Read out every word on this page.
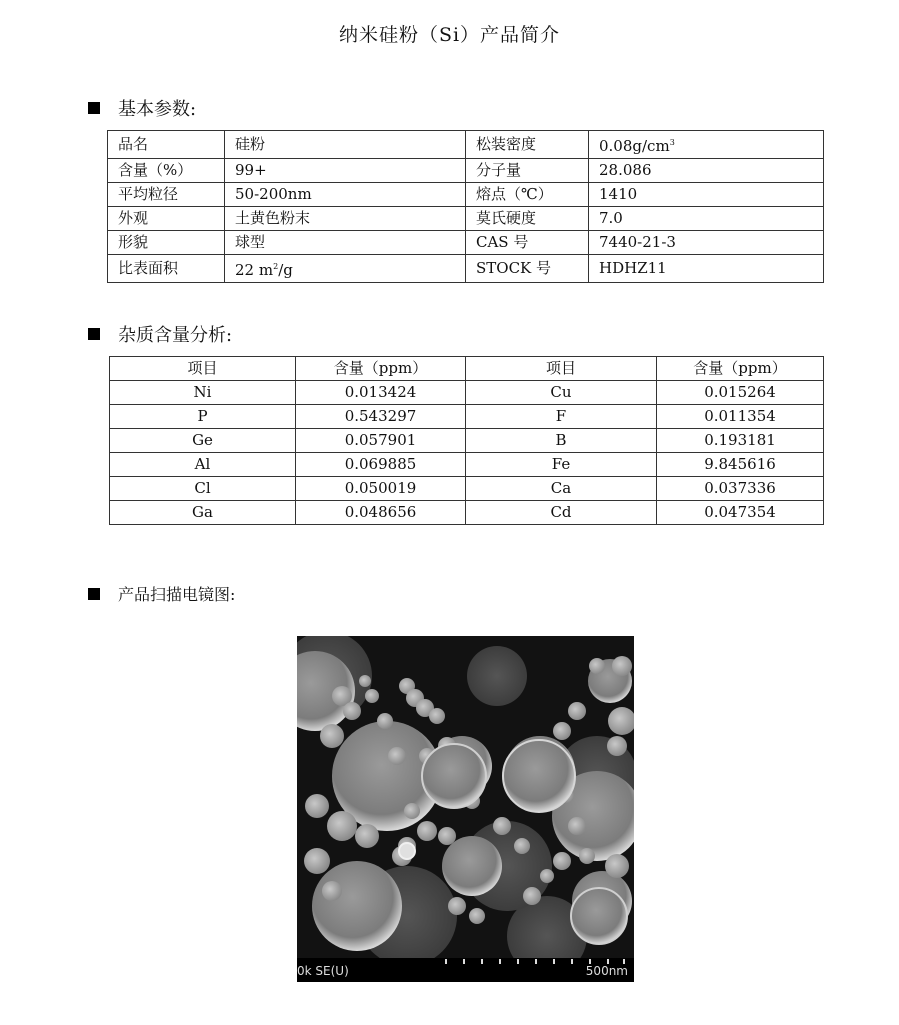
纳米硅粉（Si）产品简介
基本参数:
品名	硅粉	松装密度	$0.08g/cm^3$
含量（%）	99+	分子量	28.086
平均粒径	50-200nm	熔点（℃）	1410
外观	土黄色粉末	莫氏硬度	7.0
形貌	球型	CAS 号	7440-21-3
比表面积	22 $m^2/g$	STOCK 号	HDHZ11
杂质含量分析:
项目	含量（ppm）	项目	含量（ppm）
Ni	0.013424	Cu	0.015264
P	0.543297	F	0.011354
Ge	0.057901	B	0.193181
Al	0.069885	Fe	9.845616
Cl	0.050019	Ca	0.037336
Ga	0.048656	Cd	0.047354
产品扫描电镜图:
0k SE(U)	500nm
